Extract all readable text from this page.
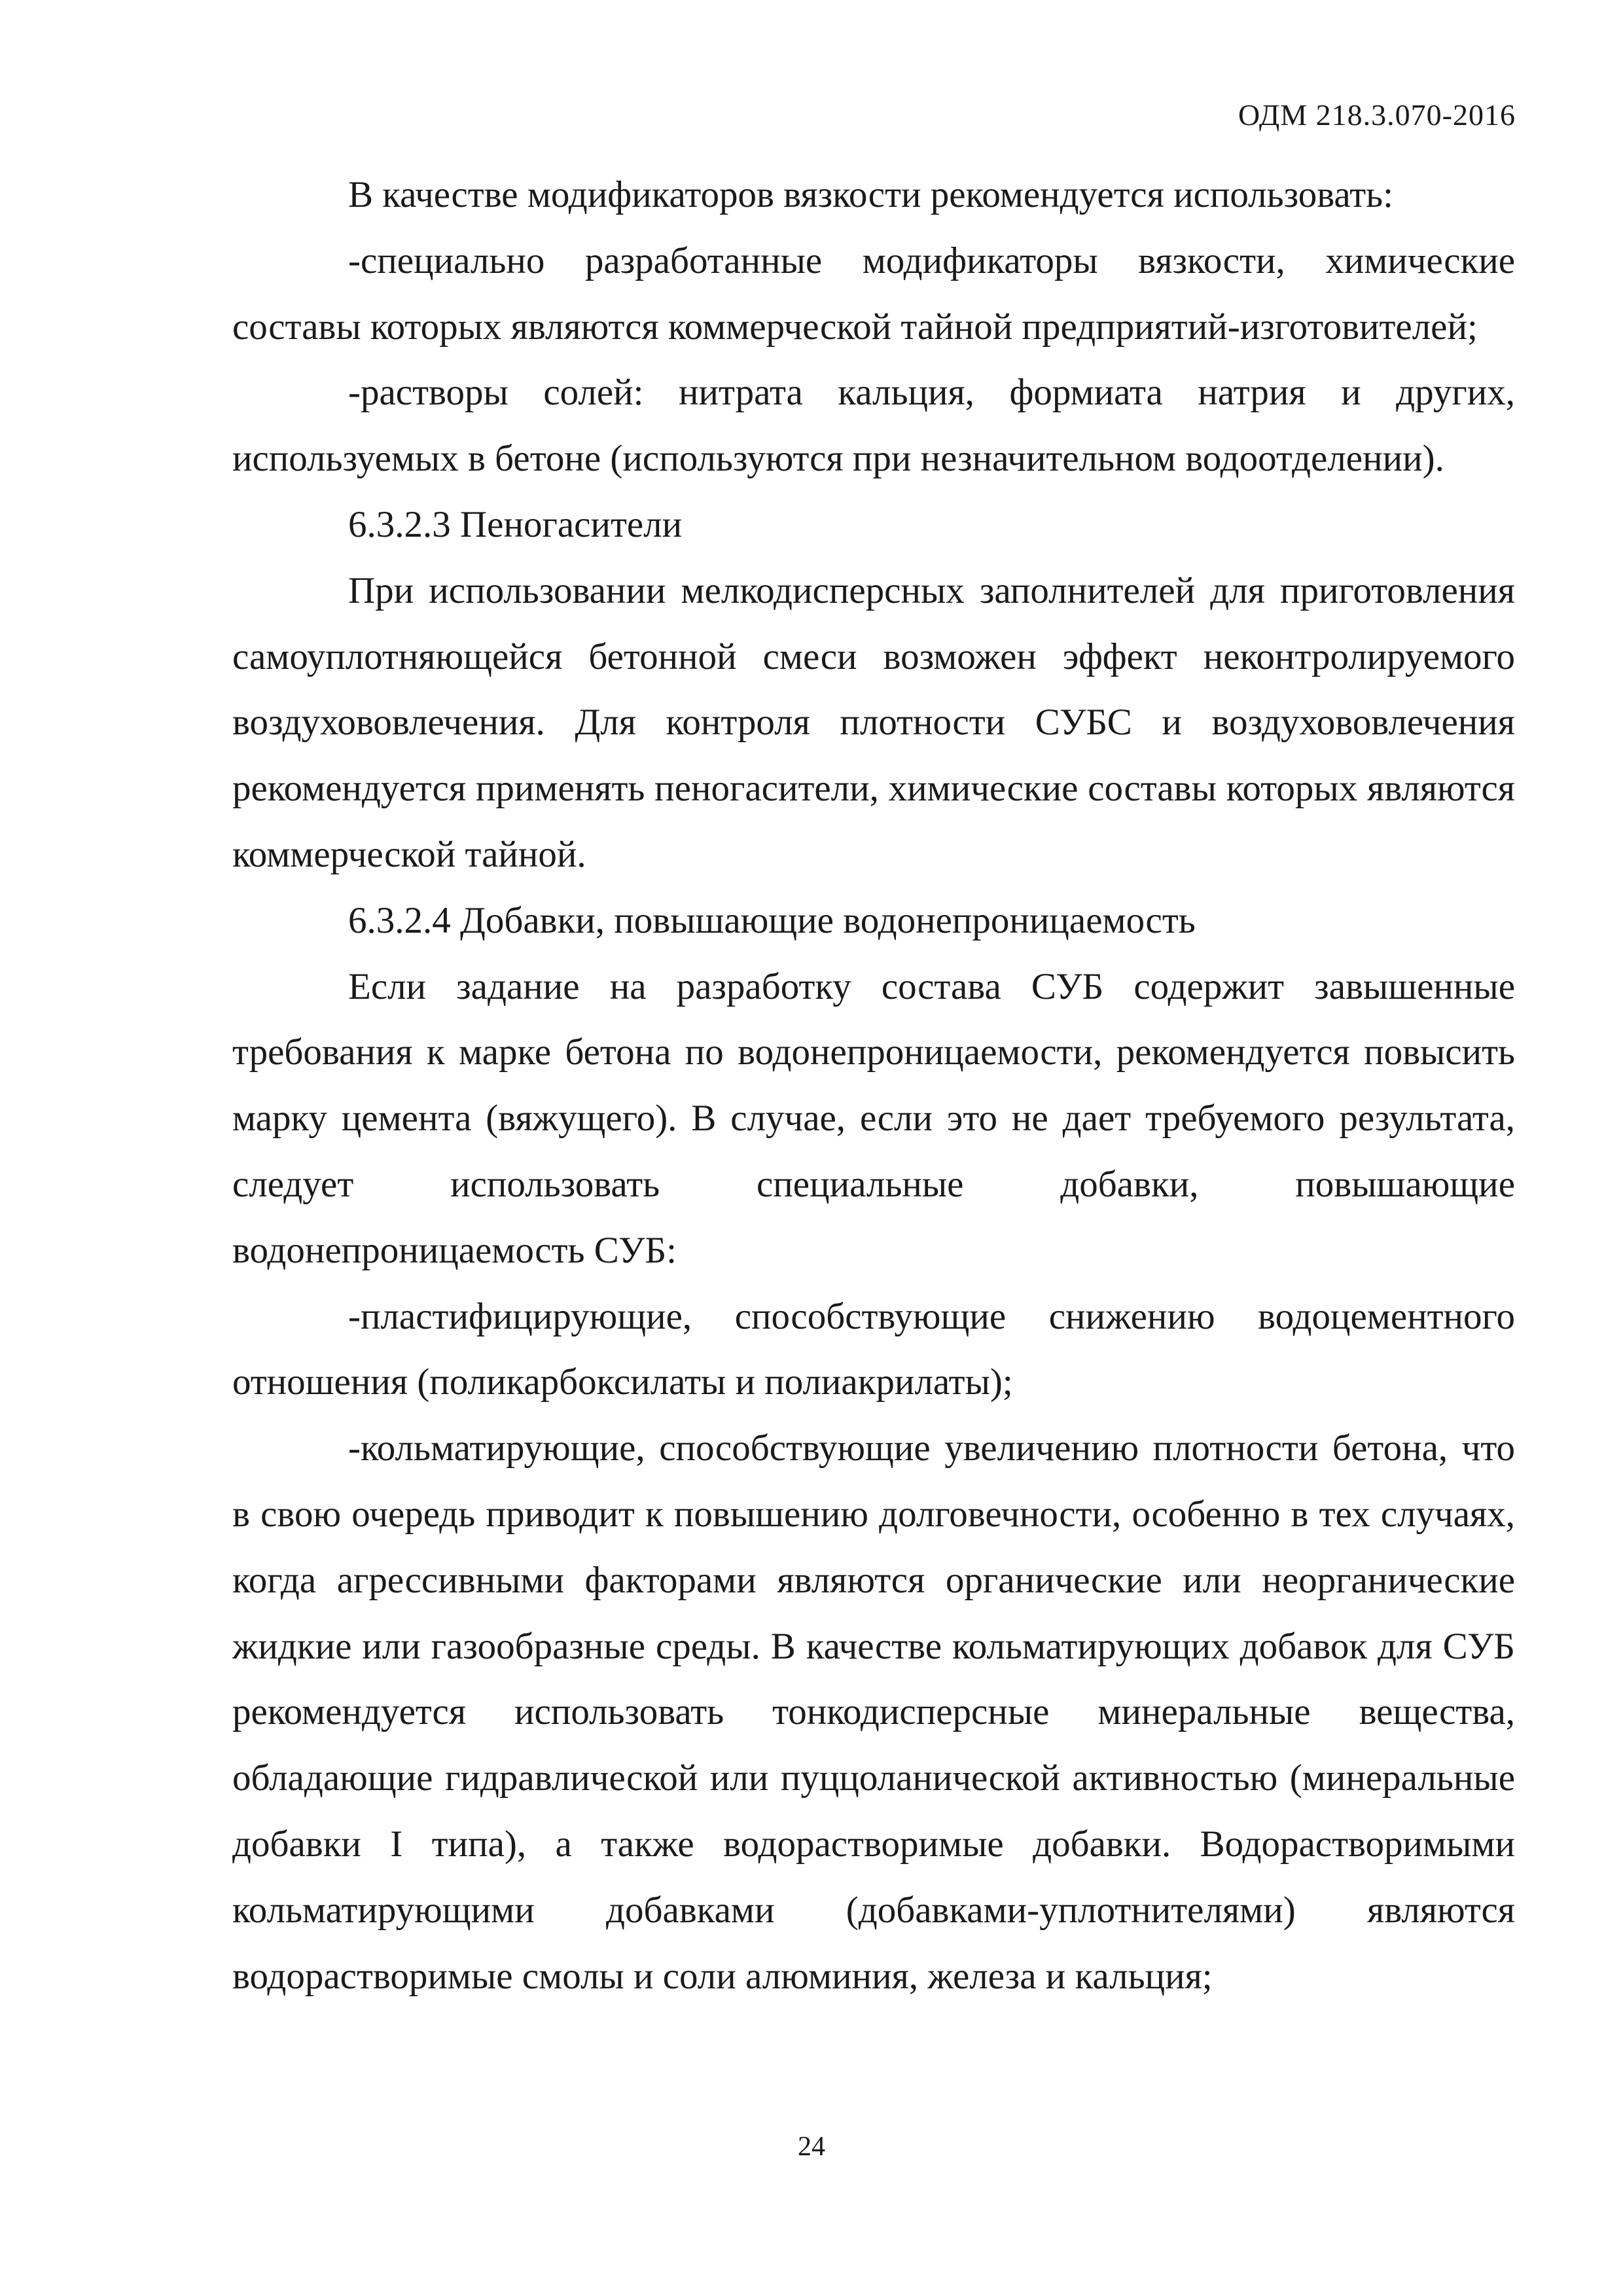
ОДМ 218.3.070-2016

В качестве модификаторов вязкости рекомендуется использовать:

-специально разработанные модификаторы вязкости, химические составы которых являются коммерческой тайной предприятий-изготовителей;

-растворы солей: нитрата кальция, формиата натрия и других, используемых в бетоне (используются при незначительном водоотделении).

6.3.2.3 Пеногасители

При использовании мелкодисперсных заполнителей для приготовления самоуплотняющейся бетонной смеси возможен эффект неконтролируемого воздухововлечения. Для контроля плотности СУБС и воздухововлечения рекомендуется применять пеногасители, химические составы которых являются коммерческой тайной.

6.3.2.4 Добавки, повышающие водонепроницаемость

Если задание на разработку состава СУБ содержит завышенные требования к марке бетона по водонепроницаемости, рекомендуется повысить марку цемента (вяжущего). В случае, если это не дает требуемого результата, следует использовать специальные добавки, повышающие водонепроницаемость СУБ:

-пластифицирующие, способствующие снижению водоцементного отношения (поликарбоксилаты и полиакрилаты);

-кольматирующие, способствующие увеличению плотности бетона, что в свою очередь приводит к повышению долговечности, особенно в тех случаях, когда агрессивными факторами являются органические или неорганические жидкие или газообразные среды. В качестве кольматирующих добавок для СУБ рекомендуется использовать тонкодисперсные минеральные вещества, обладающие гидравлической или пуццоланической активностью (минеральные добавки I типа), а также водорастворимые добавки. Водорастворимыми кольматирующими добавками (добавками-уплотнителями) являются водорастворимые смолы и соли алюминия, железа и кальция;

24
